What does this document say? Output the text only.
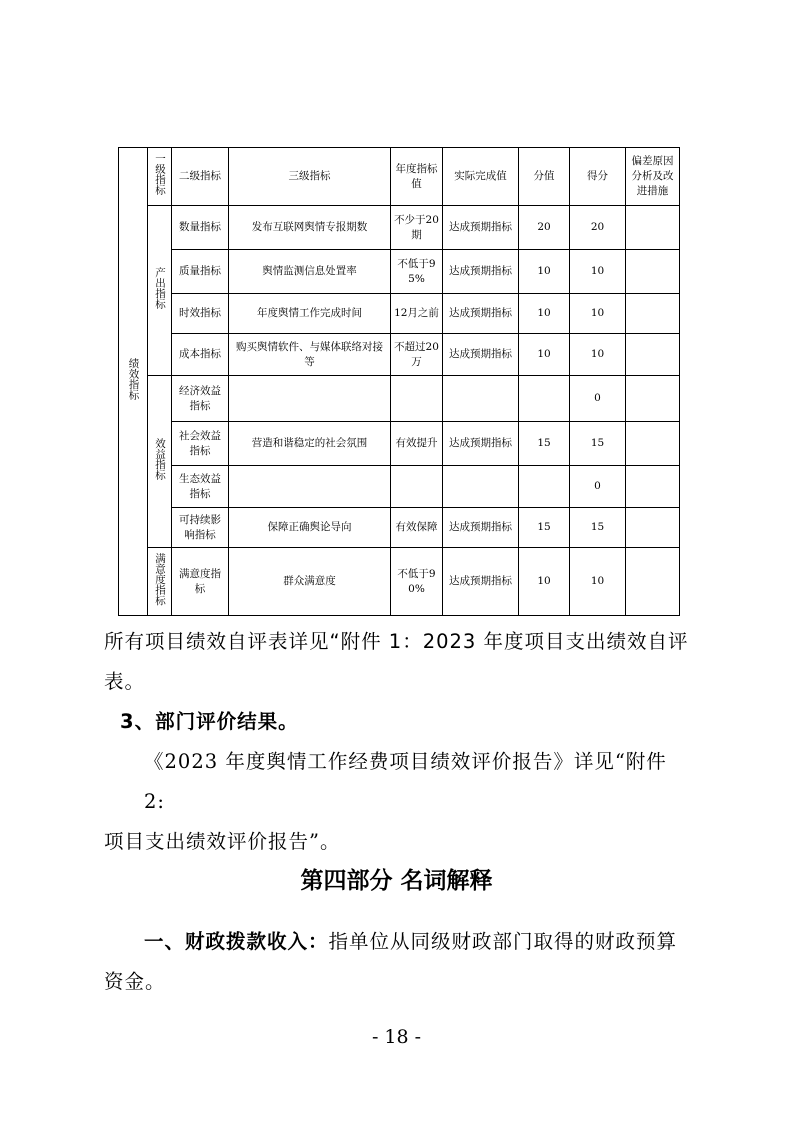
绩效指标	一级指标	二级指标	三级指标	年度指标值	实际完成值	分值	得分	偏差原因分析及改进措施
	产出指标	数量指标	发布互联网舆情专报期数	不少于20期	达成预期指标	20	20	
		质量指标	舆情监测信息处置率	不低于95%	达成预期指标	10	10	
		时效指标	年度舆情工作完成时间	12月之前	达成预期指标	10	10	
		成本指标	购买舆情软件、与媒体联络对接等	不超过20万	达成预期指标	10	10	
	效益指标	经济效益指标					0	
		社会效益指标	营造和谐稳定的社会氛围	有效提升	达成预期指标	15	15	
		生态效益指标					0	
		可持续影响指标	保障正确舆论导向	有效保障	达成预期指标	15	15	
	满意度指标	满意度指标	群众满意度	不低于90%	达成预期指标	10	10	
所有项目绩效自评表详见“附件 1：2023 年度项目支出绩效自评
表。
3、部门评价结果。
《2023 年度舆情工作经费项目绩效评价报告》详见“附件 2:
项目支出绩效评价报告”。
第四部分 名词解释
一、财政拨款收入：指单位从同级财政部门取得的财政预算
资金。
- 18 -
